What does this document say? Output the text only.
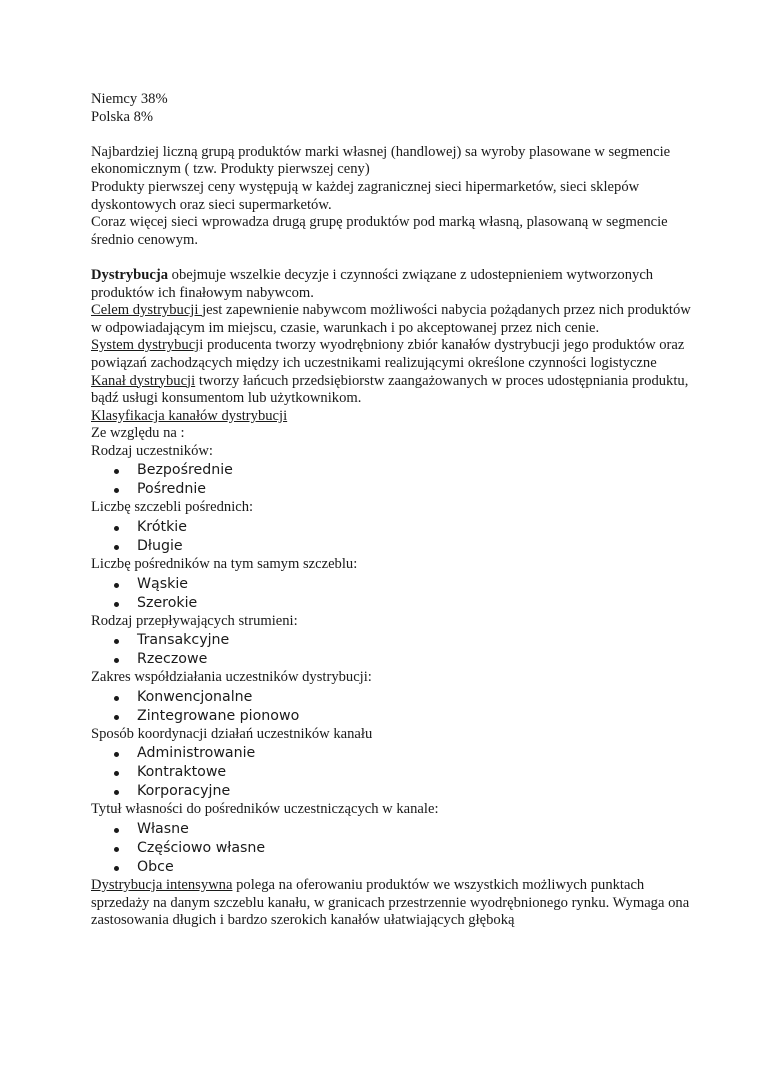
Niemcy 38%

Polska 8%

Najbardziej liczną grupą produktów marki własnej (handlowej) sa wyroby plasowane w segmencie ekonomicznym ( tzw. Produkty pierwszej ceny)

Produkty pierwszej ceny występują w każdej zagranicznej sieci hipermarketów, sieci sklepów dyskontowych oraz sieci supermarketów.

Coraz więcej sieci wprowadza drugą grupę produktów pod marką własną, plasowaną w segmencie średnio cenowym.

Dystrybucja obejmuje wszelkie decyzje i czynności związane z udostepnieniem wytworzonych produktów ich finałowym nabywcom.

Celem dystrybucji jest zapewnienie nabywcom możliwości nabycia pożądanych przez nich produktów w odpowiadającym im miejscu, czasie, warunkach i po akceptowanej przez nich cenie.

System dystrybucji producenta tworzy wyodrębniony zbiór kanałów dystrybucji jego produktów oraz powiązań zachodzących między ich uczestnikami realizującymi określone czynności logistyczne

Kanał dystrybucji tworzy łańcuch przedsiębiorstw zaangażowanych w proces udostępniania produktu, bądź usługi konsumentom lub użytkownikom.

Klasyfikacja kanałów dystrybucji

Ze względu na :

Rodzaj uczestników:

Bezpośrednie
Pośrednie

Liczbę szczebli pośrednich:

Krótkie
Długie

Liczbę pośredników na tym samym szczeblu:

Wąskie
Szerokie

Rodzaj przepływających strumieni:

Transakcyjne
Rzeczowe

Zakres współdziałania uczestników dystrybucji:

Konwencjonalne
Zintegrowane pionowo

Sposób koordynacji działań uczestników kanału

Administrowanie
Kontraktowe
Korporacyjne

Tytuł własności do pośredników uczestniczących w kanale:

Własne
Częściowo własne
Obce

Dystrybucja intensywna polega na oferowaniu produktów we wszystkich możliwych punktach sprzedaży na danym szczeblu kanału, w granicach przestrzennie wyodrębnionego rynku. Wymaga ona zastosowania długich i bardzo szerokich kanałów ułatwiających głęboką
